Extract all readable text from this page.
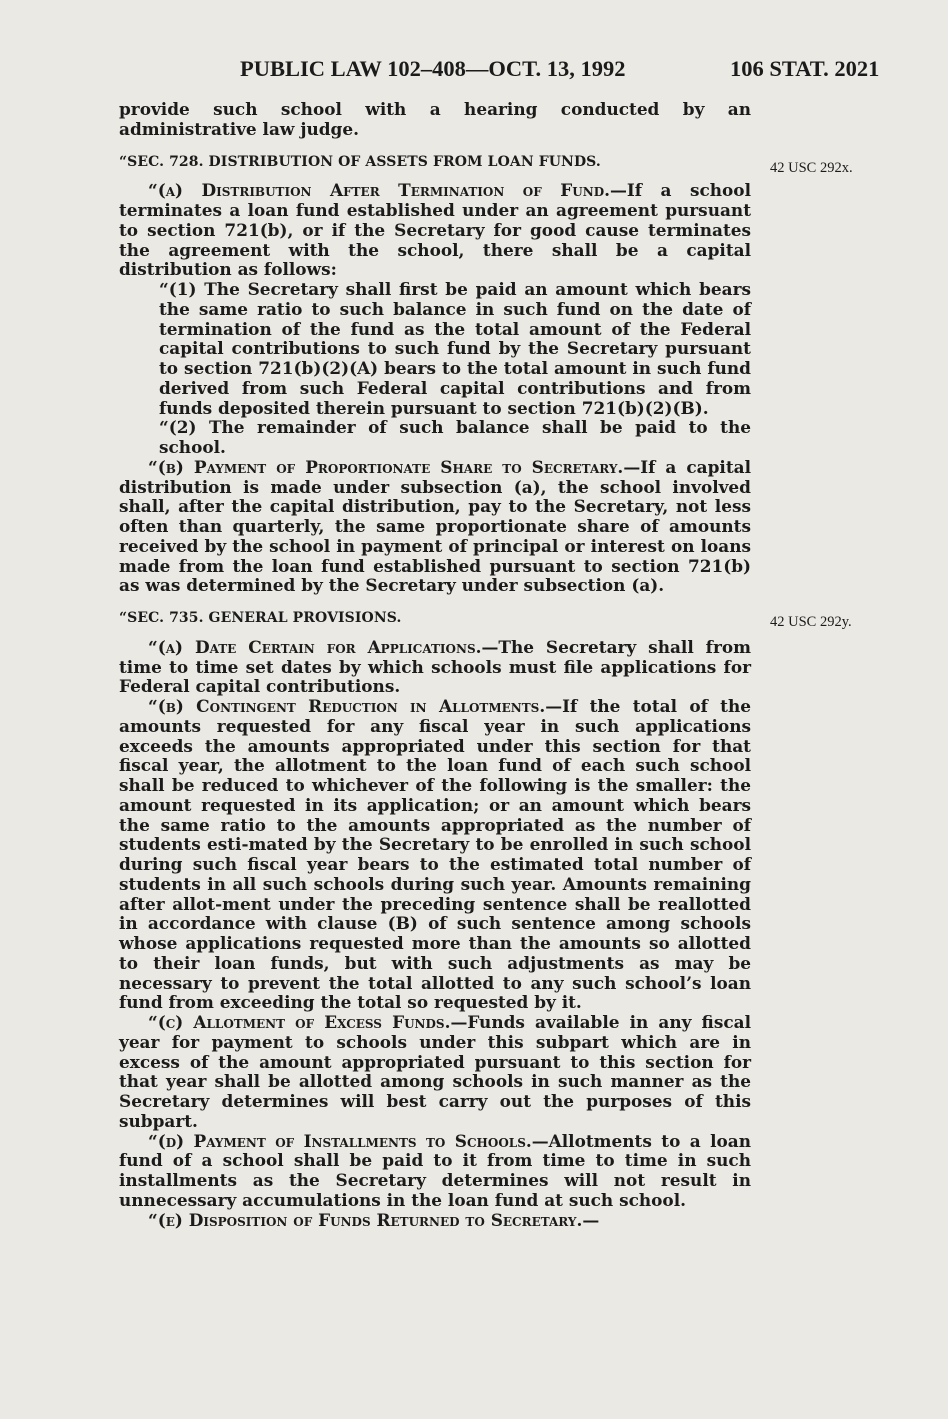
PUBLIC LAW 102–408—OCT. 13, 1992	106 STAT. 2021
42 USC 292x.
42 USC 292y.

provide such school with a hearing conducted by an administrative law judge.

“SEC. 728. DISTRIBUTION OF ASSETS FROM LOAN FUNDS.

“(a) Distribution After Termination of Fund.—If a school terminates a loan fund established under an agreement pursuant to section 721(b), or if the Secretary for good cause terminates the agreement with the school, there shall be a capital distribution as follows:

“(1) The Secretary shall first be paid an amount which bears the same ratio to such balance in such fund on the date of termination of the fund as the total amount of the Federal capital contributions to such fund by the Secretary pursuant to section 721(b)(2)(A) bears to the total amount in such fund derived from such Federal capital contributions and from funds deposited therein pursuant to section 721(b)(2)(B).

“(2) The remainder of such balance shall be paid to the school.

“(b) Payment of Proportionate Share to Secretary.—If a capital distribution is made under subsection (a), the school involved shall, after the capital distribution, pay to the Secretary, not less often than quarterly, the same proportionate share of amounts received by the school in payment of principal or interest on loans made from the loan fund established pursuant to section 721(b) as was determined by the Secretary under subsection (a).

“SEC. 735. GENERAL PROVISIONS.

“(a) Date Certain for Applications.—The Secretary shall from time to time set dates by which schools must file applications for Federal capital contributions.

“(b) Contingent Reduction in Allotments.—If the total of the amounts requested for any fiscal year in such applications exceeds the amounts appropriated under this section for that fiscal year, the allotment to the loan fund of each such school shall be reduced to whichever of the following is the smaller: the amount requested in its application; or an amount which bears the same ratio to the amounts appropriated as the number of students esti-mated by the Secretary to be enrolled in such school during such fiscal year bears to the estimated total number of students in all such schools during such year. Amounts remaining after allot-ment under the preceding sentence shall be reallotted in accordance with clause (B) of such sentence among schools whose applications requested more than the amounts so allotted to their loan funds, but with such adjustments as may be necessary to prevent the total allotted to any such school’s loan fund from exceeding the total so requested by it.

“(c) Allotment of Excess Funds.—Funds available in any fiscal year for payment to schools under this subpart which are in excess of the amount appropriated pursuant to this section for that year shall be allotted among schools in such manner as the Secretary determines will best carry out the purposes of this subpart.

“(d) Payment of Installments to Schools.—Allotments to a loan fund of a school shall be paid to it from time to time in such installments as the Secretary determines will not result in unnecessary accumulations in the loan fund at such school.

“(e) Disposition of Funds Returned to Secretary.—
